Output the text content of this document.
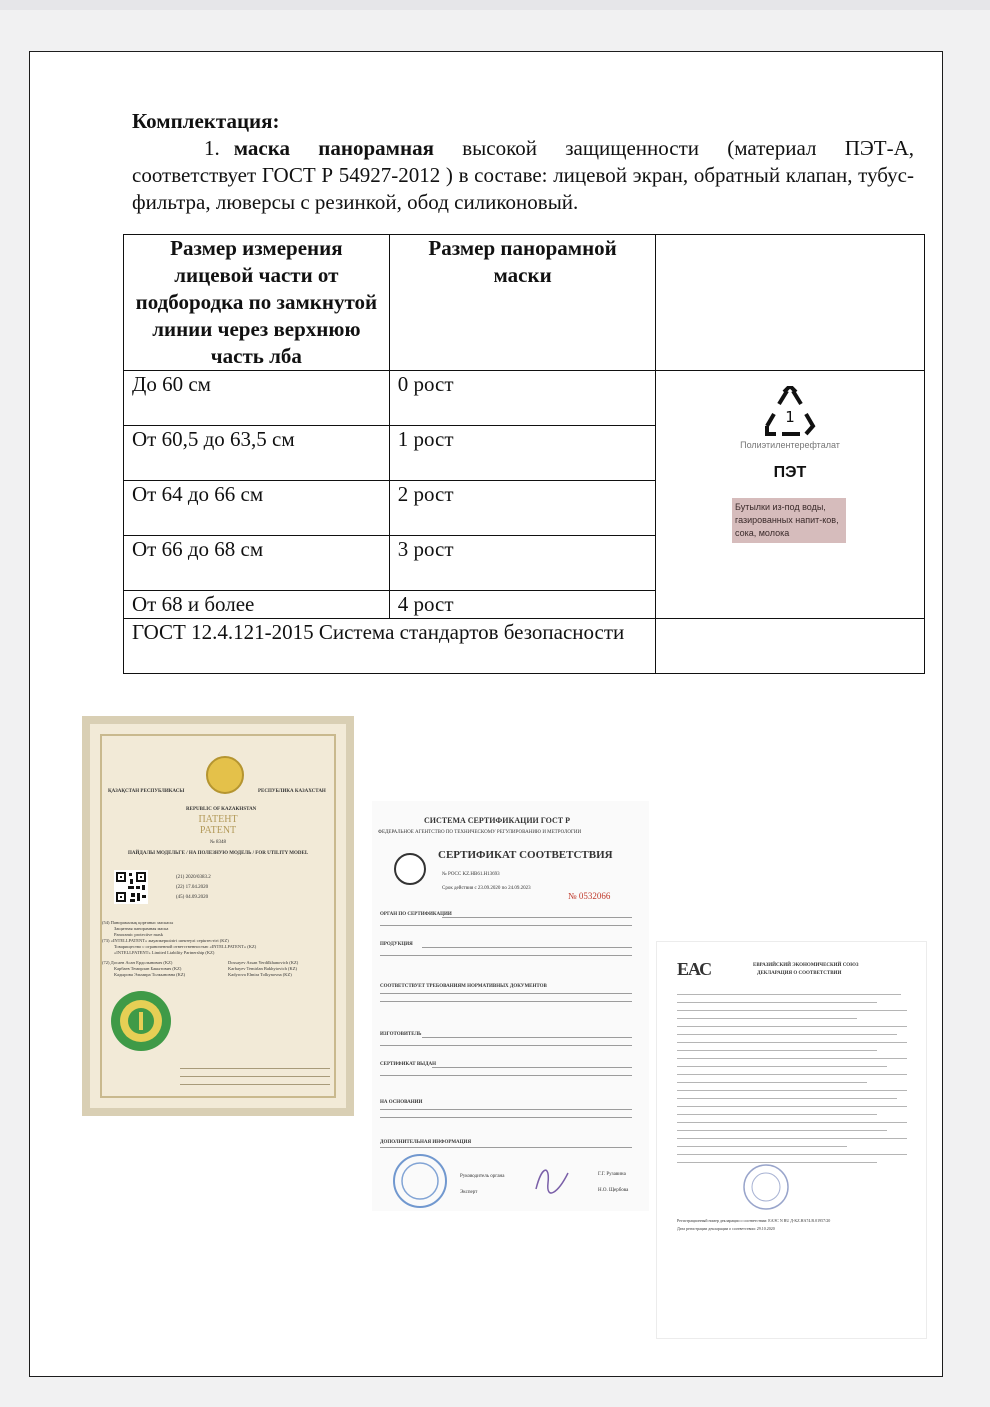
Комплектация:
1. маска панорамная высокой защищенности (материал ПЭТ-А, соответствует ГОСТ Р 54927-2012 ) в составе: лицевой экран, обратный клапан, тубус-фильтра, люверсы с резинкой, обод силиконовый.
Размер измерения лицевой части от подбородка по замкнутой линии через верхнюю часть лба	Размер панорамной маски	
До 60 см	0 рост	
От 60,5 до 63,5 см	1 рост	
От 64 до 66 см	2 рост	
От 66 до 68 см	3 рост	
От 68 и более	4 рост	
ГОСТ 12.4.121-2015 Система стандартов безопасности		
1
Полиэтилентерефталат
ПЭТ
Бутылки из-под воды, газированных напит-ков, сока, молока
ҚАЗАҚСТАН РЕСПУБЛИКАСЫ	РЕСПУБЛИКА КАЗАХСТАН
REPUBLIC OF KAZAKHSTAN
ПАТЕНТ
PATENT
№ 8348
ПАЙДАЛЫ МОДЕЛЬГЕ / НА ПОЛЕЗНУЮ МОДЕЛЬ / FOR UTILITY MODEL
(21) 2020/0383.2
(22) 17.04.2020
(45) 04.09.2020
(54) Панорамалық қорғаныс маскасы
Защитная панорамная маска
Panoramic protective mask
(73) «INTELLPATENT» жауапкершілігі шектеулі серіктестігі (KZ)
Товарищество с ограниченной ответственностью «INTELLPATENT» (KZ)
«INTELLPATENT» Limited Liability Partnership (KZ)
(72) Досаев Асан Ердолынович (KZ)
Карбаев Темирлан Бакытович (KZ)
Кадырова Эльмира Толкыновна (KZ)
Dossayev Assan Yerdilkhanovich (KZ)
Karbayev Temirlan Bakhytovich (KZ)
Kadyrova Elmira Tolkynovna (KZ)
СИСТЕМА СЕРТИФИКАЦИИ ГОСТ Р
ФЕДЕРАЛЬНОЕ АГЕНТСТВО ПО ТЕХНИЧЕСКОМУ РЕГУЛИРОВАНИЮ И МЕТРОЛОГИИ
СЕРТИФИКАТ СООТВЕТСТВИЯ
№ РОСС KZ.НВ61.Н13693
Срок действия с 23.09.2020 по 24.09.2023
№ 0532066
ОРГАН ПО СЕРТИФИКАЦИИ
ПРОДУКЦИЯ
СООТВЕТСТВУЕТ ТРЕБОВАНИЯМ НОРМАТИВНЫХ ДОКУМЕНТОВ
ИЗГОТОВИТЕЛЬ
СЕРТИФИКАТ ВЫДАН
НА ОСНОВАНИИ
ДОПОЛНИТЕЛЬНАЯ ИНФОРМАЦИЯ
Руководитель органа
Эксперт
Г.Г. Рузавина
Н.О. Щербова
ЕАС	ЕВРАЗИЙСКИЙ ЭКОНОМИЧЕСКИЙ СОЮЗ
ДЕКЛАРАЦИЯ О СООТВЕТСТВИИ
Регистрационный номер декларации о соответствии: ЕАЭС N RU Д-KZ.НА74.В.01957/20
Дата регистрации декларации о соответствии: 29.10.2020
